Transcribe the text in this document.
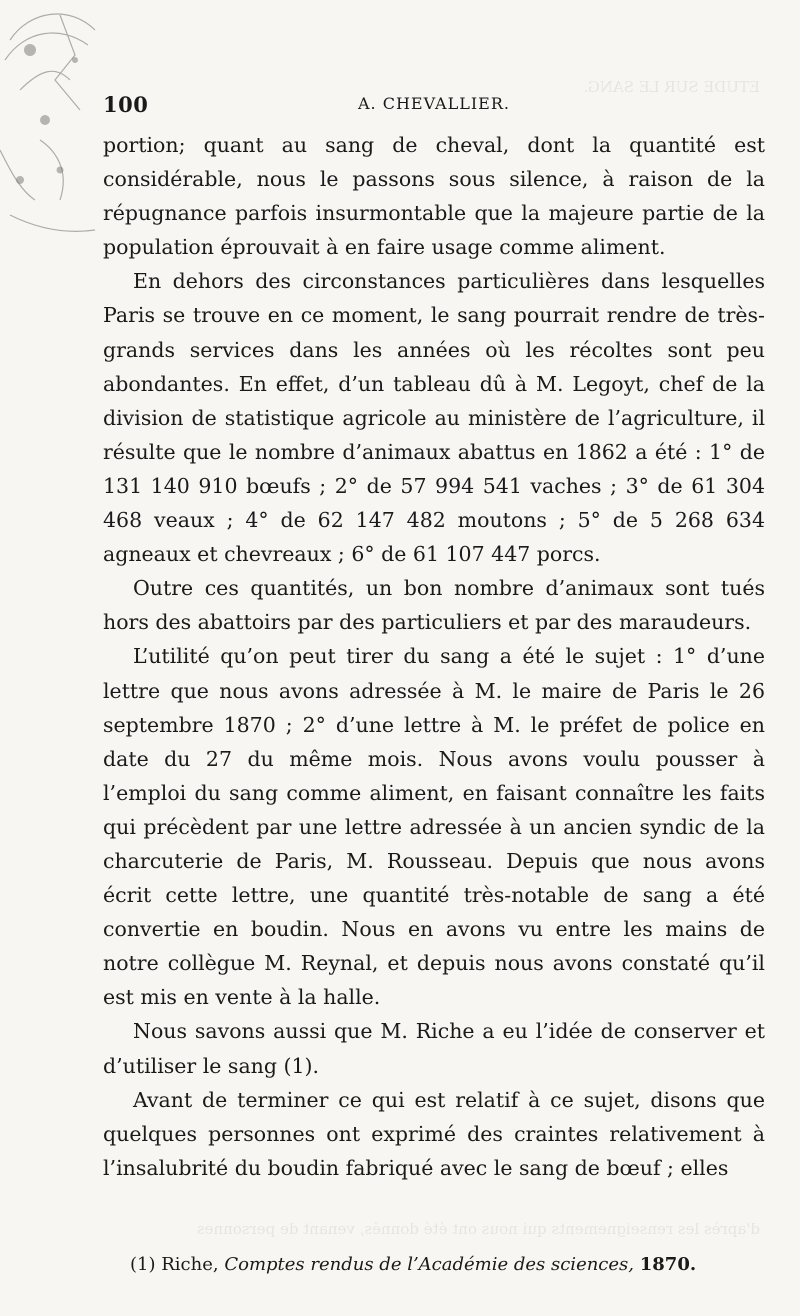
ETUDE SUR LE SANG.
d'après les renseignements qui nous ont été donnés, venant de personnes
100	A. CHEVALLIER.

portion; quant au sang de cheval, dont la quantité est considérable, nous le passons sous silence, à raison de la répugnance parfois insurmontable que la majeure partie de la population éprouvait à en faire usage comme aliment.

En dehors des circonstances particulières dans lesquelles Paris se trouve en ce moment, le sang pourrait rendre de très-grands services dans les années où les récoltes sont peu abondantes. En effet, d’un tableau dû à M. Legoyt, chef de la division de statistique agricole au ministère de l’agriculture, il résulte que le nombre d’animaux abattus en 1862 a été : 1° de 131 140 910 bœufs ; 2° de 57 994 541 vaches ; 3° de 61 304 468 veaux ; 4° de 62 147 482 moutons ; 5° de 5 268 634 agneaux et chevreaux ; 6° de 61 107 447 porcs.

Outre ces quantités, un bon nombre d’animaux sont tués hors des abattoirs par des particuliers et par des maraudeurs.

L’utilité qu’on peut tirer du sang a été le sujet : 1° d’une lettre que nous avons adressée à M. le maire de Paris le 26 septembre 1870 ; 2° d’une lettre à M. le préfet de police en date du 27 du même mois. Nous avons voulu pousser à l’emploi du sang comme aliment, en faisant connaître les faits qui précèdent par une lettre adressée à un ancien syndic de la charcuterie de Paris, M. Rousseau. Depuis que nous avons écrit cette lettre, une quantité très-notable de sang a été convertie en boudin. Nous en avons vu entre les mains de notre collègue M. Reynal, et depuis nous avons constaté qu’il est mis en vente à la halle.

Nous savons aussi que M. Riche a eu l’idée de conserver et d’utiliser le sang (1).

Avant de terminer ce qui est relatif à ce sujet, disons que quelques personnes ont exprimé des craintes relativement à l’insalubrité du boudin fabriqué avec le sang de bœuf ; elles

(1) Riche, Comptes rendus de l’Académie des sciences, 1870.
